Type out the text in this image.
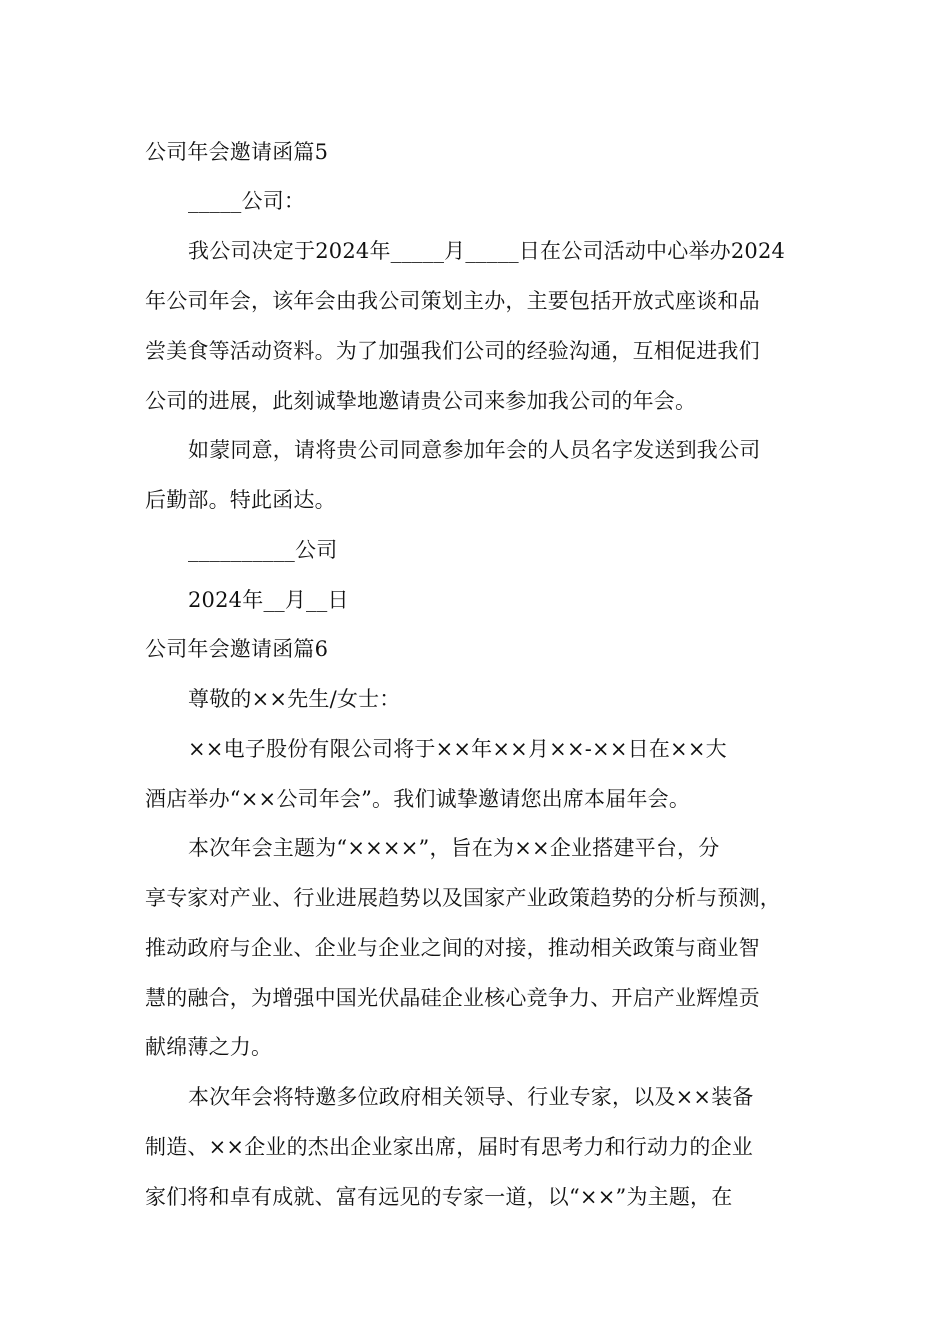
公司年会邀请函篇5
_____公司：
我公司决定于2024年_____月_____日在公司活动中心举办2024
年公司年会，该年会由我公司策划主办，主要包括开放式座谈和品
尝美食等活动资料。为了加强我们公司的经验沟通，互相促进我们
公司的进展，此刻诚挚地邀请贵公司来参加我公司的年会。
如蒙同意，请将贵公司同意参加年会的人员名字发送到我公司
后勤部。特此函达。
__________公司
2024年__月__日
公司年会邀请函篇6
尊敬的××先生/女士：
××电子股份有限公司将于××年××月××-××日在××大
酒店举办“××公司年会”。我们诚挚邀请您出席本届年会。
本次年会主题为“××××”，旨在为××企业搭建平台，分
享专家对产业、行业进展趋势以及国家产业政策趋势的分析与预测，
推动政府与企业、企业与企业之间的对接，推动相关政策与商业智
慧的融合，为增强中国光伏晶硅企业核心竞争力、开启产业辉煌贡
献绵薄之力。
本次年会将特邀多位政府相关领导、行业专家，以及××装备
制造、××企业的杰出企业家出席，届时有思考力和行动力的企业
家们将和卓有成就、富有远见的专家一道，以“××”为主题，在
